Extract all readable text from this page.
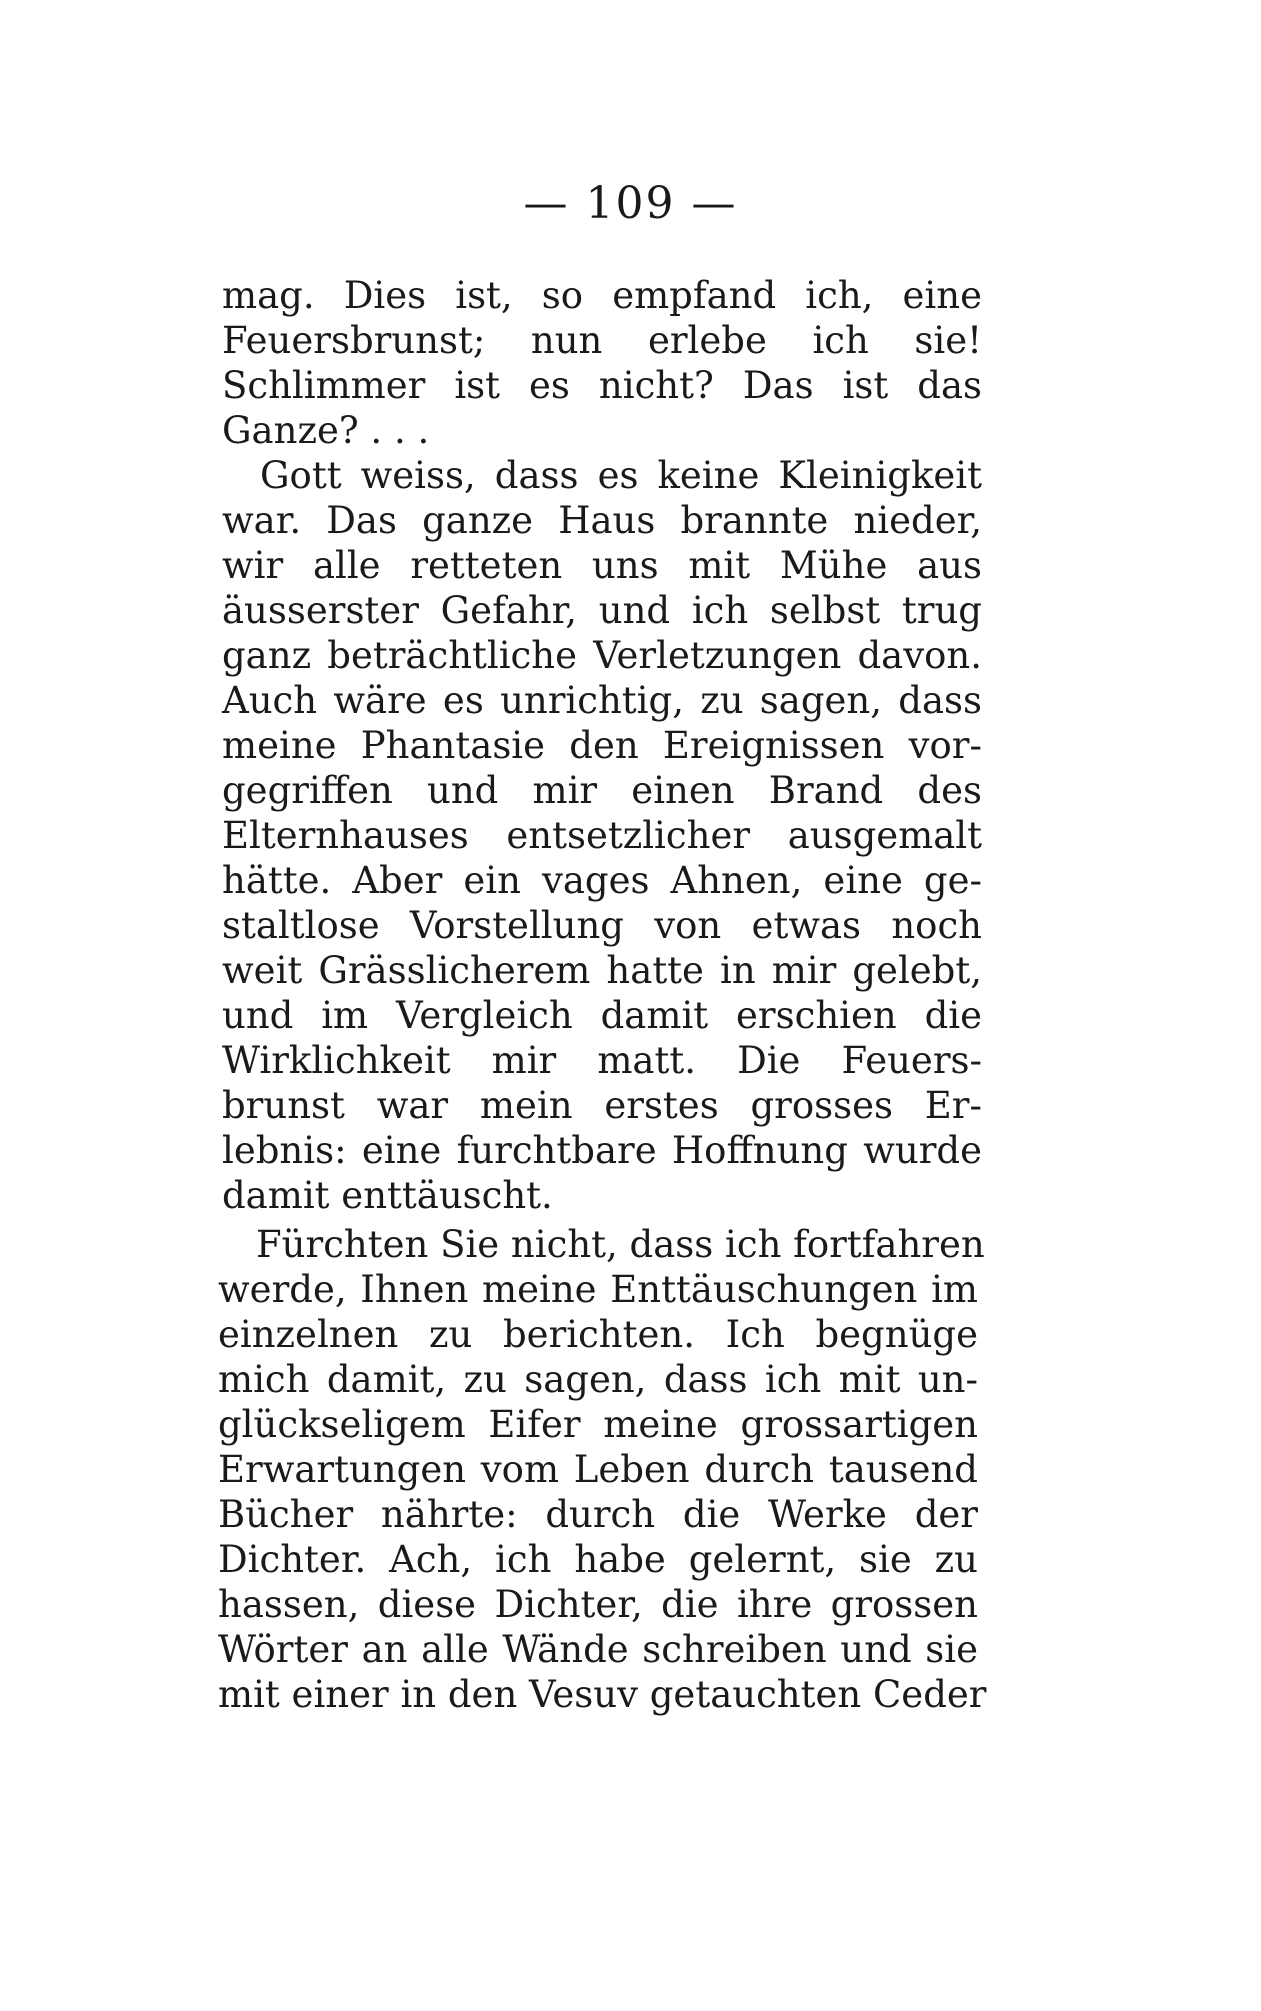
— 109 —
mag. Dies ist, so empfand ich, eine
Feuersbrunst; nun erlebe ich sie!
Schlimmer ist es nicht? Das ist das
Ganze? . . .
Gott weiss, dass es keine Kleinigkeit
war. Das ganze Haus brannte nieder,
wir alle retteten uns mit Mühe aus
äusserster Gefahr, und ich selbst trug
ganz beträchtliche Verletzungen davon.
Auch wäre es unrichtig, zu sagen, dass
meine Phantasie den Ereignissen vor-
gegriffen und mir einen Brand des
Elternhauses entsetzlicher ausgemalt
hätte. Aber ein vages Ahnen, eine ge-
staltlose Vorstellung von etwas noch
weit Grässlicherem hatte in mir gelebt,
und im Vergleich damit erschien die
Wirklichkeit mir matt. Die Feuers-
brunst war mein erstes grosses Er-
lebnis: eine furchtbare Hoffnung wurde
damit enttäuscht.
Fürchten Sie nicht, dass ich fortfahren
werde, Ihnen meine Enttäuschungen im
einzelnen zu berichten. Ich begnüge
mich damit, zu sagen, dass ich mit un-
glückseligem Eifer meine grossartigen
Erwartungen vom Leben durch tausend
Bücher nährte: durch die Werke der
Dichter. Ach, ich habe gelernt, sie zu
hassen, diese Dichter, die ihre grossen
Wörter an alle Wände schreiben und sie
mit einer in den Vesuv getauchten Ceder
